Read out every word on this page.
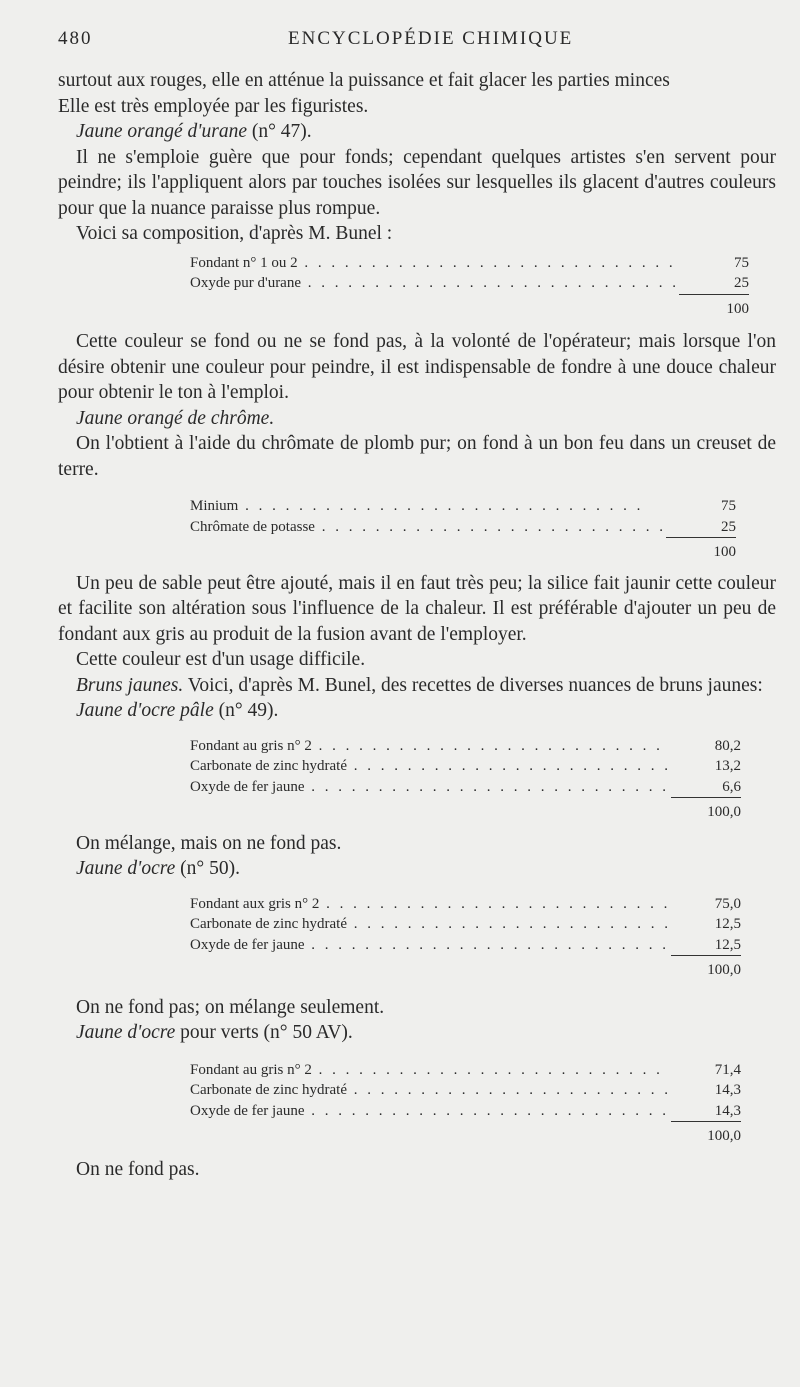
480	ENCYCLOPÉDIE CHIMIQUE

surtout aux rouges, elle en atténue la puissance et fait glacer les parties minces

Elle est très employée par les figuristes.

Jaune orangé d'urane (n° 47).

Il ne s'emploie guère que pour fonds; cependant quelques artistes s'en servent pour peindre; ils l'appliquent alors par touches isolées sur lesquelles ils glacent d'autres couleurs pour que la nuance paraisse plus rompue.

Voici sa composition, d'après M. Bunel :

Fondant n° 1 ou 2 . . . . . . . . . . . . . . . . . . . . . . . . . . . .	75
Oxyde pur d'urane . . . . . . . . . . . . . . . . . . . . . . . . . . . .	25
	100

Cette couleur se fond ou ne se fond pas, à la volonté de l'opérateur; mais lorsque l'on désire obtenir une couleur pour peindre, il est indispensable de fondre à une douce chaleur pour obtenir le ton à l'emploi.

Jaune orangé de chrôme.

On l'obtient à l'aide du chrômate de plomb pur; on fond à un bon feu dans un creuset de terre.

Minium . . . . . . . . . . . . . . . . . . . . . . . . . . . . . .	75
Chrômate de potasse . . . . . . . . . . . . . . . . . . . . . . . . . .	25
	100

Un peu de sable peut être ajouté, mais il en faut très peu; la silice fait jaunir cette couleur et facilite son altération sous l'influence de la chaleur. Il est préférable d'ajouter un peu de fondant aux gris au produit de la fusion avant de l'employer.

Cette couleur est d'un usage difficile.

Bruns jaunes. Voici, d'après M. Bunel, des recettes de diverses nuances de bruns jaunes:

Jaune d'ocre pâle (n° 49).

Fondant au gris n° 2 . . . . . . . . . . . . . . . . . . . . . . . . . .	80,2
Carbonate de zinc hydraté . . . . . . . . . . . . . . . . . . . . . . . .	13,2
Oxyde de fer jaune . . . . . . . . . . . . . . . . . . . . . . . . . . .	6,6
	100,0

On mélange, mais on ne fond pas.

Jaune d'ocre (n° 50).

Fondant aux gris n° 2 . . . . . . . . . . . . . . . . . . . . . . . . . .	75,0
Carbonate de zinc hydraté . . . . . . . . . . . . . . . . . . . . . . . .	12,5
Oxyde de fer jaune . . . . . . . . . . . . . . . . . . . . . . . . . . .	12,5
	100,0

On ne fond pas; on mélange seulement.

Jaune d'ocre pour verts (n° 50 AV).

Fondant au gris n° 2 . . . . . . . . . . . . . . . . . . . . . . . . . .	71,4
Carbonate de zinc hydraté . . . . . . . . . . . . . . . . . . . . . . . .	14,3
Oxyde de fer jaune . . . . . . . . . . . . . . . . . . . . . . . . . . .	14,3
	100,0

On ne fond pas.
